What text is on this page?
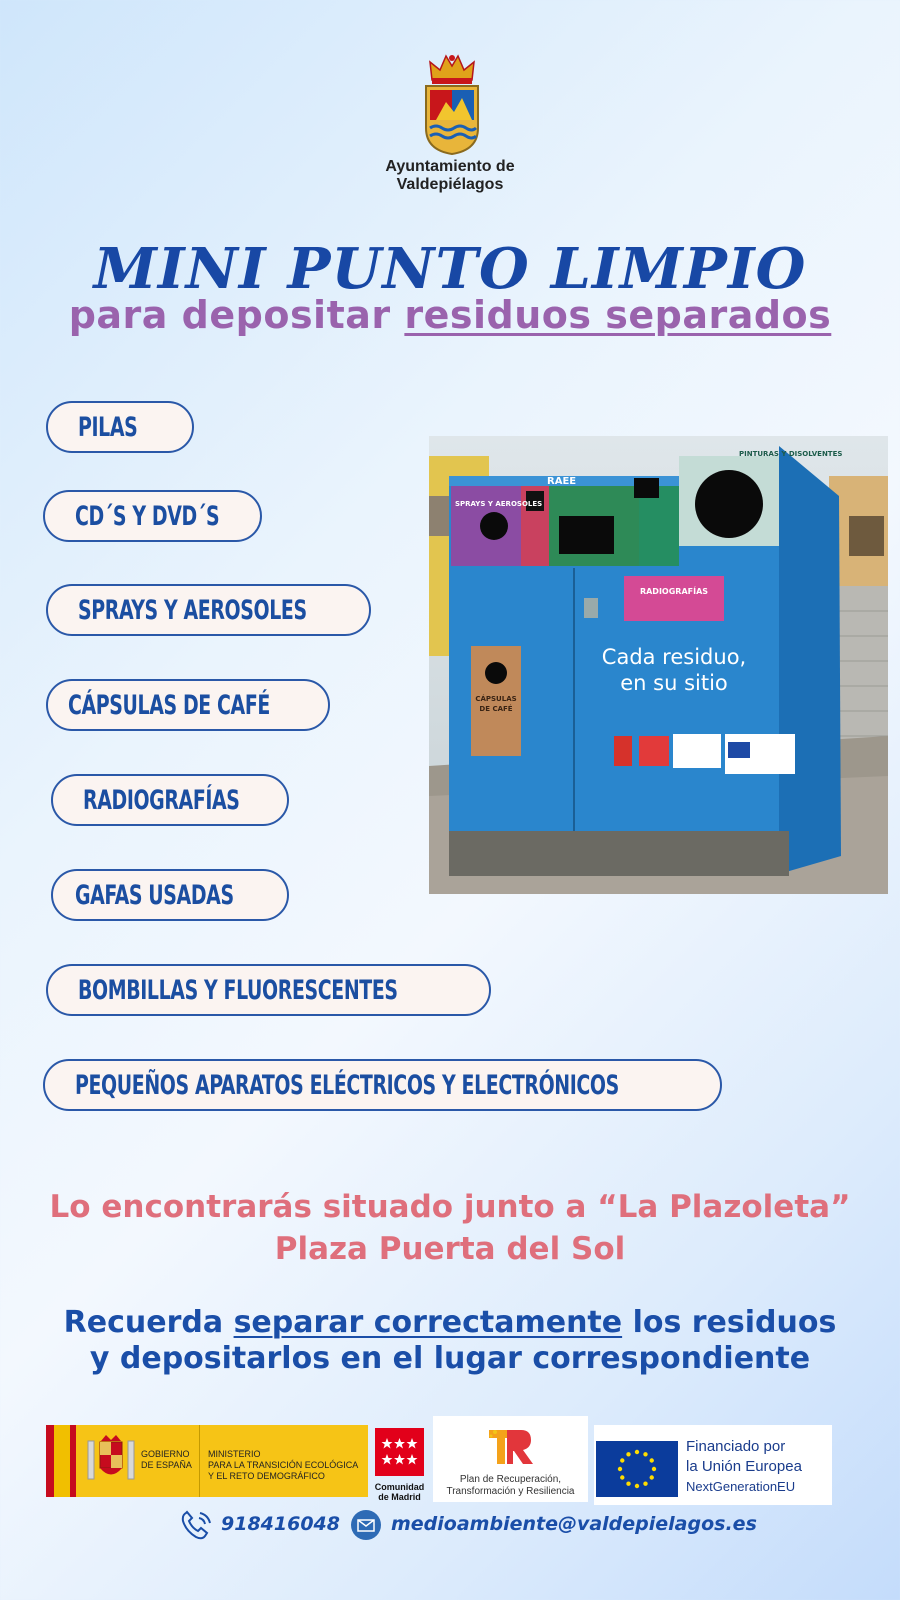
Ayuntamiento de
Valdepiélagos
MINI PUNTO LIMPIO
para depositar residuos separados
PILAS
CD´S Y DVD´S
SPRAYS Y AEROSOLES
CÁPSULAS DE CAFÉ
RADIOGRAFÍAS
GAFAS USADAS
BOMBILLAS Y FLUORESCENTES
PEQUEÑOS APARATOS ELÉCTRICOS Y ELECTRÓNICOS
SPRAYS Y AEROSOLES
RAEE
PINTURAS Y DISOLVENTES
RADIOGRAFÍAS
Cada residuo,
en su sitio
CÁPSULAS
DE CAFÉ
Lo encontrarás situado junto a “La Plazoleta”
Plaza Puerta del Sol
Recuerda separar correctamente los residuos
y depositarlos en el lugar correspondiente
GOBIERNO
DE ESPAÑA
MINISTERIO
PARA LA TRANSICIÓN ECOLÓGICA
Y EL RETO DEMOGRÁFICO
Comunidad
de Madrid
Plan de Recuperación,
Transformación y Resiliencia
Financiado por
la Unión Europea
NextGenerationEU
918416048	medioambiente@valdepielagos.es
